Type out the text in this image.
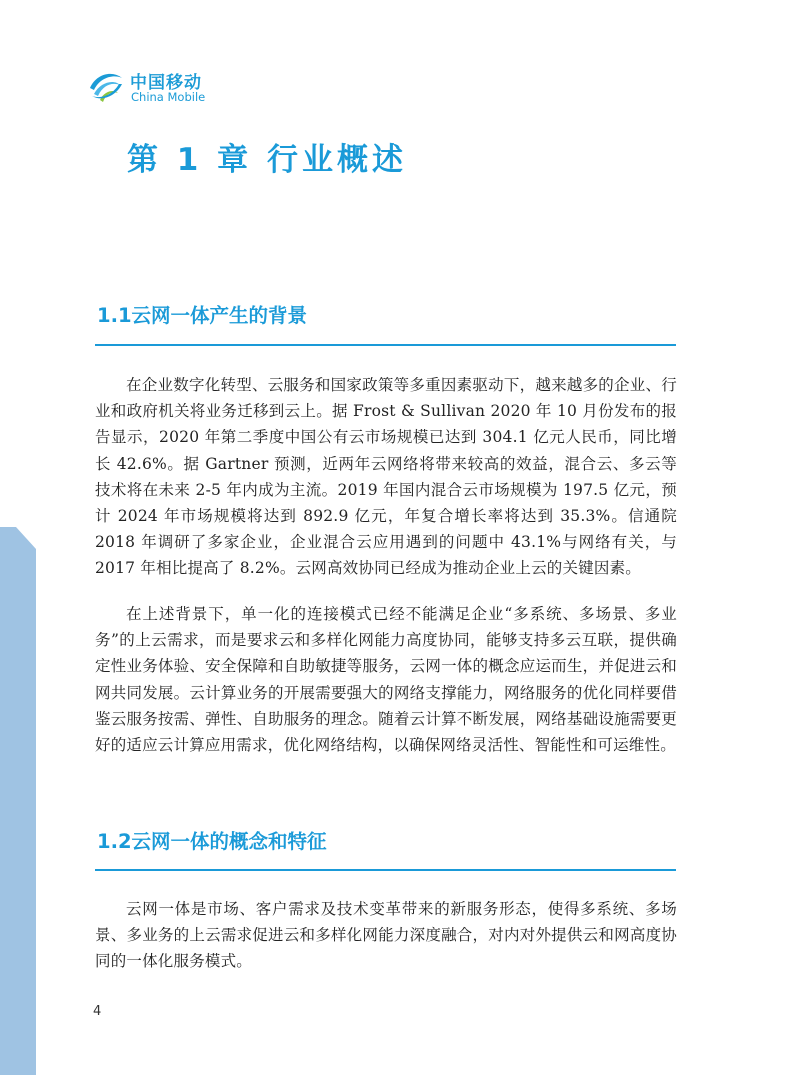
中国移动
China Mobile
第 1 章 行业概述
1.1云网一体产生的背景

在企业数字化转型、云服务和国家政策等多重因素驱动下，越来越多的企业、行业和政府机关将业务迁移到云上。据 Frost & Sullivan 2020 年 10 月份发布的报告显示，2020 年第二季度中国公有云市场规模已达到 304.1 亿元人民币，同比增长 42.6%。据 Gartner 预测，近两年云网络将带来较高的效益，混合云、多云等技术将在未来 2-5 年内成为主流。2019 年国内混合云市场规模为 197.5 亿元，预计 2024 年市场规模将达到 892.9 亿元，年复合增长率将达到 35.3%。信通院 2018 年调研了多家企业，企业混合云应用遇到的问题中 43.1%与网络有关，与 2017 年相比提高了 8.2%。云网高效协同已经成为推动企业上云的关键因素。

在上述背景下，单一化的连接模式已经不能满足企业“多系统、多场景、多业务”的上云需求，而是要求云和多样化网能力高度协同，能够支持多云互联，提供确定性业务体验、安全保障和自助敏捷等服务，云网一体的概念应运而生，并促进云和网共同发展。云计算业务的开展需要强大的网络支撑能力，网络服务的优化同样要借鉴云服务按需、弹性、自助服务的理念。随着云计算不断发展，网络基础设施需要更好的适应云计算应用需求，优化网络结构，以确保网络灵活性、智能性和可运维性。

1.2云网一体的概念和特征

云网一体是市场、客户需求及技术变革带来的新服务形态，使得多系统、多场景、多业务的上云需求促进云和多样化网能力深度融合，对内对外提供云和网高度协同的一体化服务模式。

4
